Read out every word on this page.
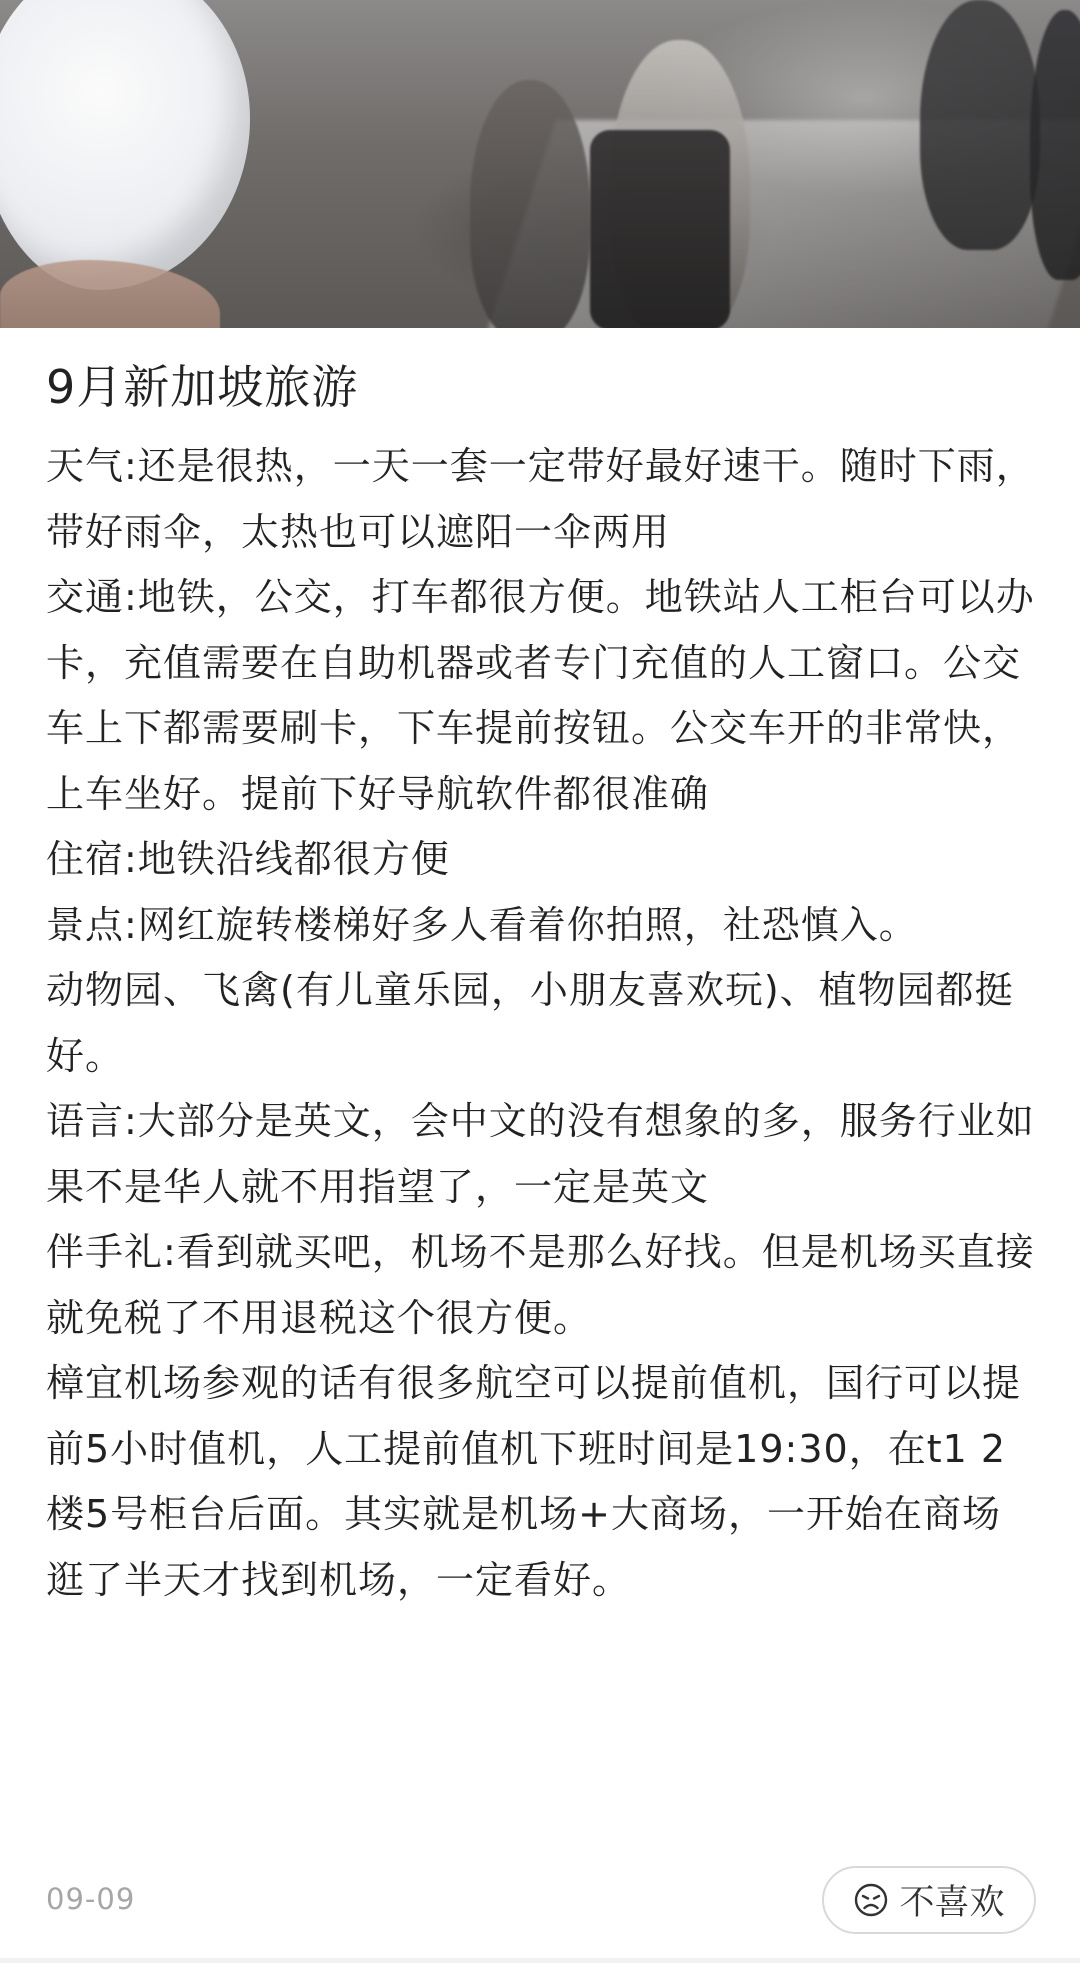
9月新加坡旅游

天气:还是很热，一天一套一定带好最好速干。随时下雨，带好雨伞，太热也可以遮阳一伞两用

交通:地铁，公交，打车都很方便。地铁站人工柜台可以办卡，充值需要在自助机器或者专门充值的人工窗口。公交车上下都需要刷卡，下车提前按钮。公交车开的非常快，上车坐好。提前下好导航软件都很准确

住宿:地铁沿线都很方便

景点:网红旋转楼梯好多人看着你拍照，社恐慎入。

动物园、飞禽(有儿童乐园，小朋友喜欢玩)、植物园都挺好。

语言:大部分是英文，会中文的没有想象的多，服务行业如果不是华人就不用指望了，一定是英文

伴手礼:看到就买吧，机场不是那么好找。但是机场买直接就免税了不用退税这个很方便。

樟宜机场参观的话有很多航空可以提前值机，国行可以提前5小时值机，人工提前值机下班时间是19:30，在t1 2楼5号柜台后面。其实就是机场+大商场，一开始在商场逛了半天才找到机场，一定看好。

09-09	不喜欢
